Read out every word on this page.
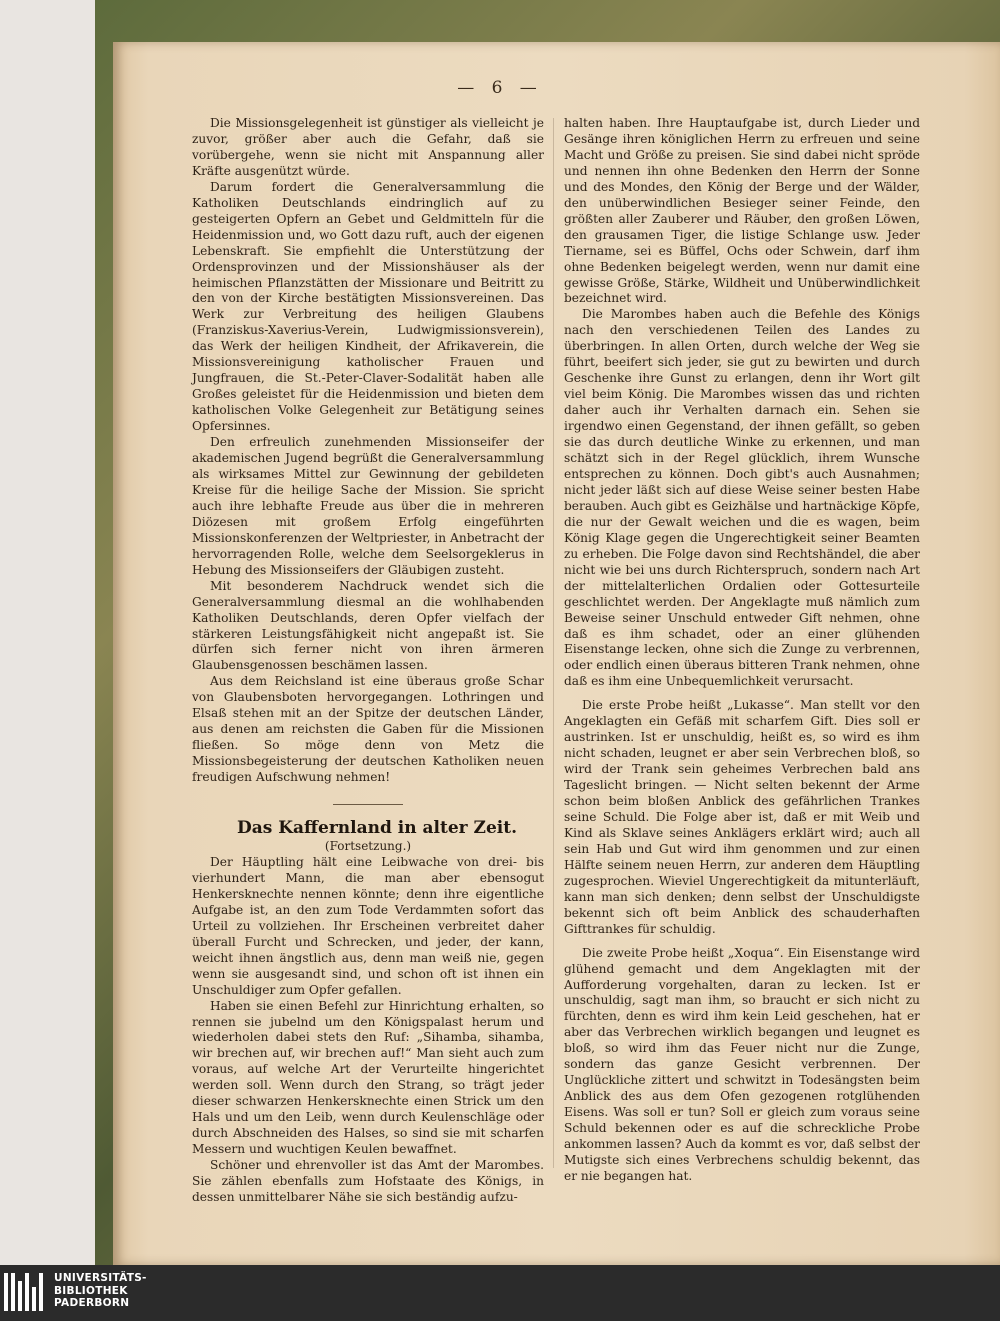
— 6 —

Die Missionsgelegenheit ist günstiger als vielleicht je zuvor, größer aber auch die Gefahr, daß sie vorübergehe, wenn sie nicht mit Anspannung aller Kräfte ausgenützt würde.

Darum fordert die Generalversammlung die Katholiken Deutschlands eindringlich auf zu gesteigerten Opfern an Gebet und Geldmitteln für die Heidenmission und, wo Gott dazu ruft, auch der eigenen Lebenskraft. Sie empfiehlt die Unterstützung der Ordensprovinzen und der Missionshäuser als der heimischen Pflanzstätten der Missionare und Beitritt zu den von der Kirche bestätigten Missionsvereinen. Das Werk zur Verbreitung des heiligen Glaubens (Franziskus-Xaverius-Verein, Ludwigmissionsverein), das Werk der heiligen Kindheit, der Afrikaverein, die Missionsvereinigung katholischer Frauen und Jungfrauen, die St.-Peter-Claver-Sodalität haben alle Großes geleistet für die Heidenmission und bieten dem katholischen Volke Gelegenheit zur Betätigung seines Opfersinnes.

Den erfreulich zunehmenden Missionseifer der akademischen Jugend begrüßt die Generalversammlung als wirksames Mittel zur Gewinnung der gebildeten Kreise für die heilige Sache der Mission. Sie spricht auch ihre lebhafte Freude aus über die in mehreren Diözesen mit großem Erfolg eingeführten Missionskonferenzen der Weltpriester, in Anbetracht der hervorragenden Rolle, welche dem Seelsorgeklerus in Hebung des Missionseifers der Gläubigen zusteht.

Mit besonderem Nachdruck wendet sich die Generalversammlung diesmal an die wohlhabenden Katholiken Deutschlands, deren Opfer vielfach der stärkeren Leistungsfähigkeit nicht angepaßt ist. Sie dürfen sich ferner nicht von ihren ärmeren Glaubensgenossen beschämen lassen.

Aus dem Reichsland ist eine überaus große Schar von Glaubensboten hervorgegangen. Lothringen und Elsaß stehen mit an der Spitze der deutschen Länder, aus denen am reichsten die Gaben für die Missionen fließen. So möge denn von Metz die Missionsbegeisterung der deutschen Katholiken neuen freudigen Aufschwung nehmen!

Das Kaffernland in alter Zeit.

(Fortsetzung.)

Der Häuptling hält eine Leibwache von drei- bis vierhundert Mann, die man aber ebensogut Henkersknechte nennen könnte; denn ihre eigentliche Aufgabe ist, an den zum Tode Verdammten sofort das Urteil zu vollziehen. Ihr Erscheinen verbreitet daher überall Furcht und Schrecken, und jeder, der kann, weicht ihnen ängstlich aus, denn man weiß nie, gegen wenn sie ausgesandt sind, und schon oft ist ihnen ein Unschuldiger zum Opfer gefallen.

Haben sie einen Befehl zur Hinrichtung erhalten, so rennen sie jubelnd um den Königspalast herum und wiederholen dabei stets den Ruf: „Sihamba, sihamba, wir brechen auf, wir brechen auf!“ Man sieht auch zum voraus, auf welche Art der Verurteilte hingerichtet werden soll. Wenn durch den Strang, so trägt jeder dieser schwarzen Henkersknechte einen Strick um den Hals und um den Leib, wenn durch Keulenschläge oder durch Abschneiden des Halses, so sind sie mit scharfen Messern und wuchtigen Keulen bewaffnet.

Schöner und ehrenvoller ist das Amt der Marombes. Sie zählen ebenfalls zum Hofstaate des Königs, in dessen unmittelbarer Nähe sie sich beständig aufzu-

halten haben. Ihre Hauptaufgabe ist, durch Lieder und Gesänge ihren königlichen Herrn zu erfreuen und seine Macht und Größe zu preisen. Sie sind dabei nicht spröde und nennen ihn ohne Bedenken den Herrn der Sonne und des Mondes, den König der Berge und der Wälder, den unüberwindlichen Besieger seiner Feinde, den größten aller Zauberer und Räuber, den großen Löwen, den grausamen Tiger, die listige Schlange usw. Jeder Tiername, sei es Büffel, Ochs oder Schwein, darf ihm ohne Bedenken beigelegt werden, wenn nur damit eine gewisse Größe, Stärke, Wildheit und Unüberwindlichkeit bezeichnet wird.

Die Marombes haben auch die Befehle des Königs nach den verschiedenen Teilen des Landes zu überbringen. In allen Orten, durch welche der Weg sie führt, beeifert sich jeder, sie gut zu bewirten und durch Geschenke ihre Gunst zu erlangen, denn ihr Wort gilt viel beim König. Die Marombes wissen das und richten daher auch ihr Verhalten darnach ein. Sehen sie irgendwo einen Gegenstand, der ihnen gefällt, so geben sie das durch deutliche Winke zu erkennen, und man schätzt sich in der Regel glücklich, ihrem Wunsche entsprechen zu können. Doch gibt's auch Ausnahmen; nicht jeder läßt sich auf diese Weise seiner besten Habe berauben. Auch gibt es Geizhälse und hartnäckige Köpfe, die nur der Gewalt weichen und die es wagen, beim König Klage gegen die Ungerechtigkeit seiner Beamten zu erheben. Die Folge davon sind Rechtshändel, die aber nicht wie bei uns durch Richterspruch, sondern nach Art der mittelalterlichen Ordalien oder Gottesurteile geschlichtet werden. Der Angeklagte muß nämlich zum Beweise seiner Unschuld entweder Gift nehmen, ohne daß es ihm schadet, oder an einer glühenden Eisenstange lecken, ohne sich die Zunge zu verbrennen, oder endlich einen überaus bitteren Trank nehmen, ohne daß es ihm eine Unbequemlichkeit verursacht.

Die erste Probe heißt „Lukasse“. Man stellt vor den Angeklagten ein Gefäß mit scharfem Gift. Dies soll er austrinken. Ist er unschuldig, heißt es, so wird es ihm nicht schaden, leugnet er aber sein Verbrechen bloß, so wird der Trank sein geheimes Verbrechen bald ans Tageslicht bringen. — Nicht selten bekennt der Arme schon beim bloßen Anblick des gefährlichen Trankes seine Schuld. Die Folge aber ist, daß er mit Weib und Kind als Sklave seines Anklägers erklärt wird; auch all sein Hab und Gut wird ihm genommen und zur einen Hälfte seinem neuen Herrn, zur anderen dem Häuptling zugesprochen. Wieviel Ungerechtigkeit da mitunterläuft, kann man sich denken; denn selbst der Unschuldigste bekennt sich oft beim Anblick des schauderhaften Gifttrankes für schuldig.

Die zweite Probe heißt „Xoqua“. Ein Eisenstange wird glühend gemacht und dem Angeklagten mit der Aufforderung vorgehalten, daran zu lecken. Ist er unschuldig, sagt man ihm, so braucht er sich nicht zu fürchten, denn es wird ihm kein Leid geschehen, hat er aber das Verbrechen wirklich begangen und leugnet es bloß, so wird ihm das Feuer nicht nur die Zunge, sondern das ganze Gesicht verbrennen. Der Unglückliche zittert und schwitzt in Todesängsten beim Anblick des aus dem Ofen gezogenen rotglühenden Eisens. Was soll er tun? Soll er gleich zum voraus seine Schuld bekennen oder es auf die schreckliche Probe ankommen lassen? Auch da kommt es vor, daß selbst der Mutigste sich eines Verbrechens schuldig bekennt, das er nie begangen hat.

UNIVERSITÄTS-
BIBLIOTHEK
PADERBORN
